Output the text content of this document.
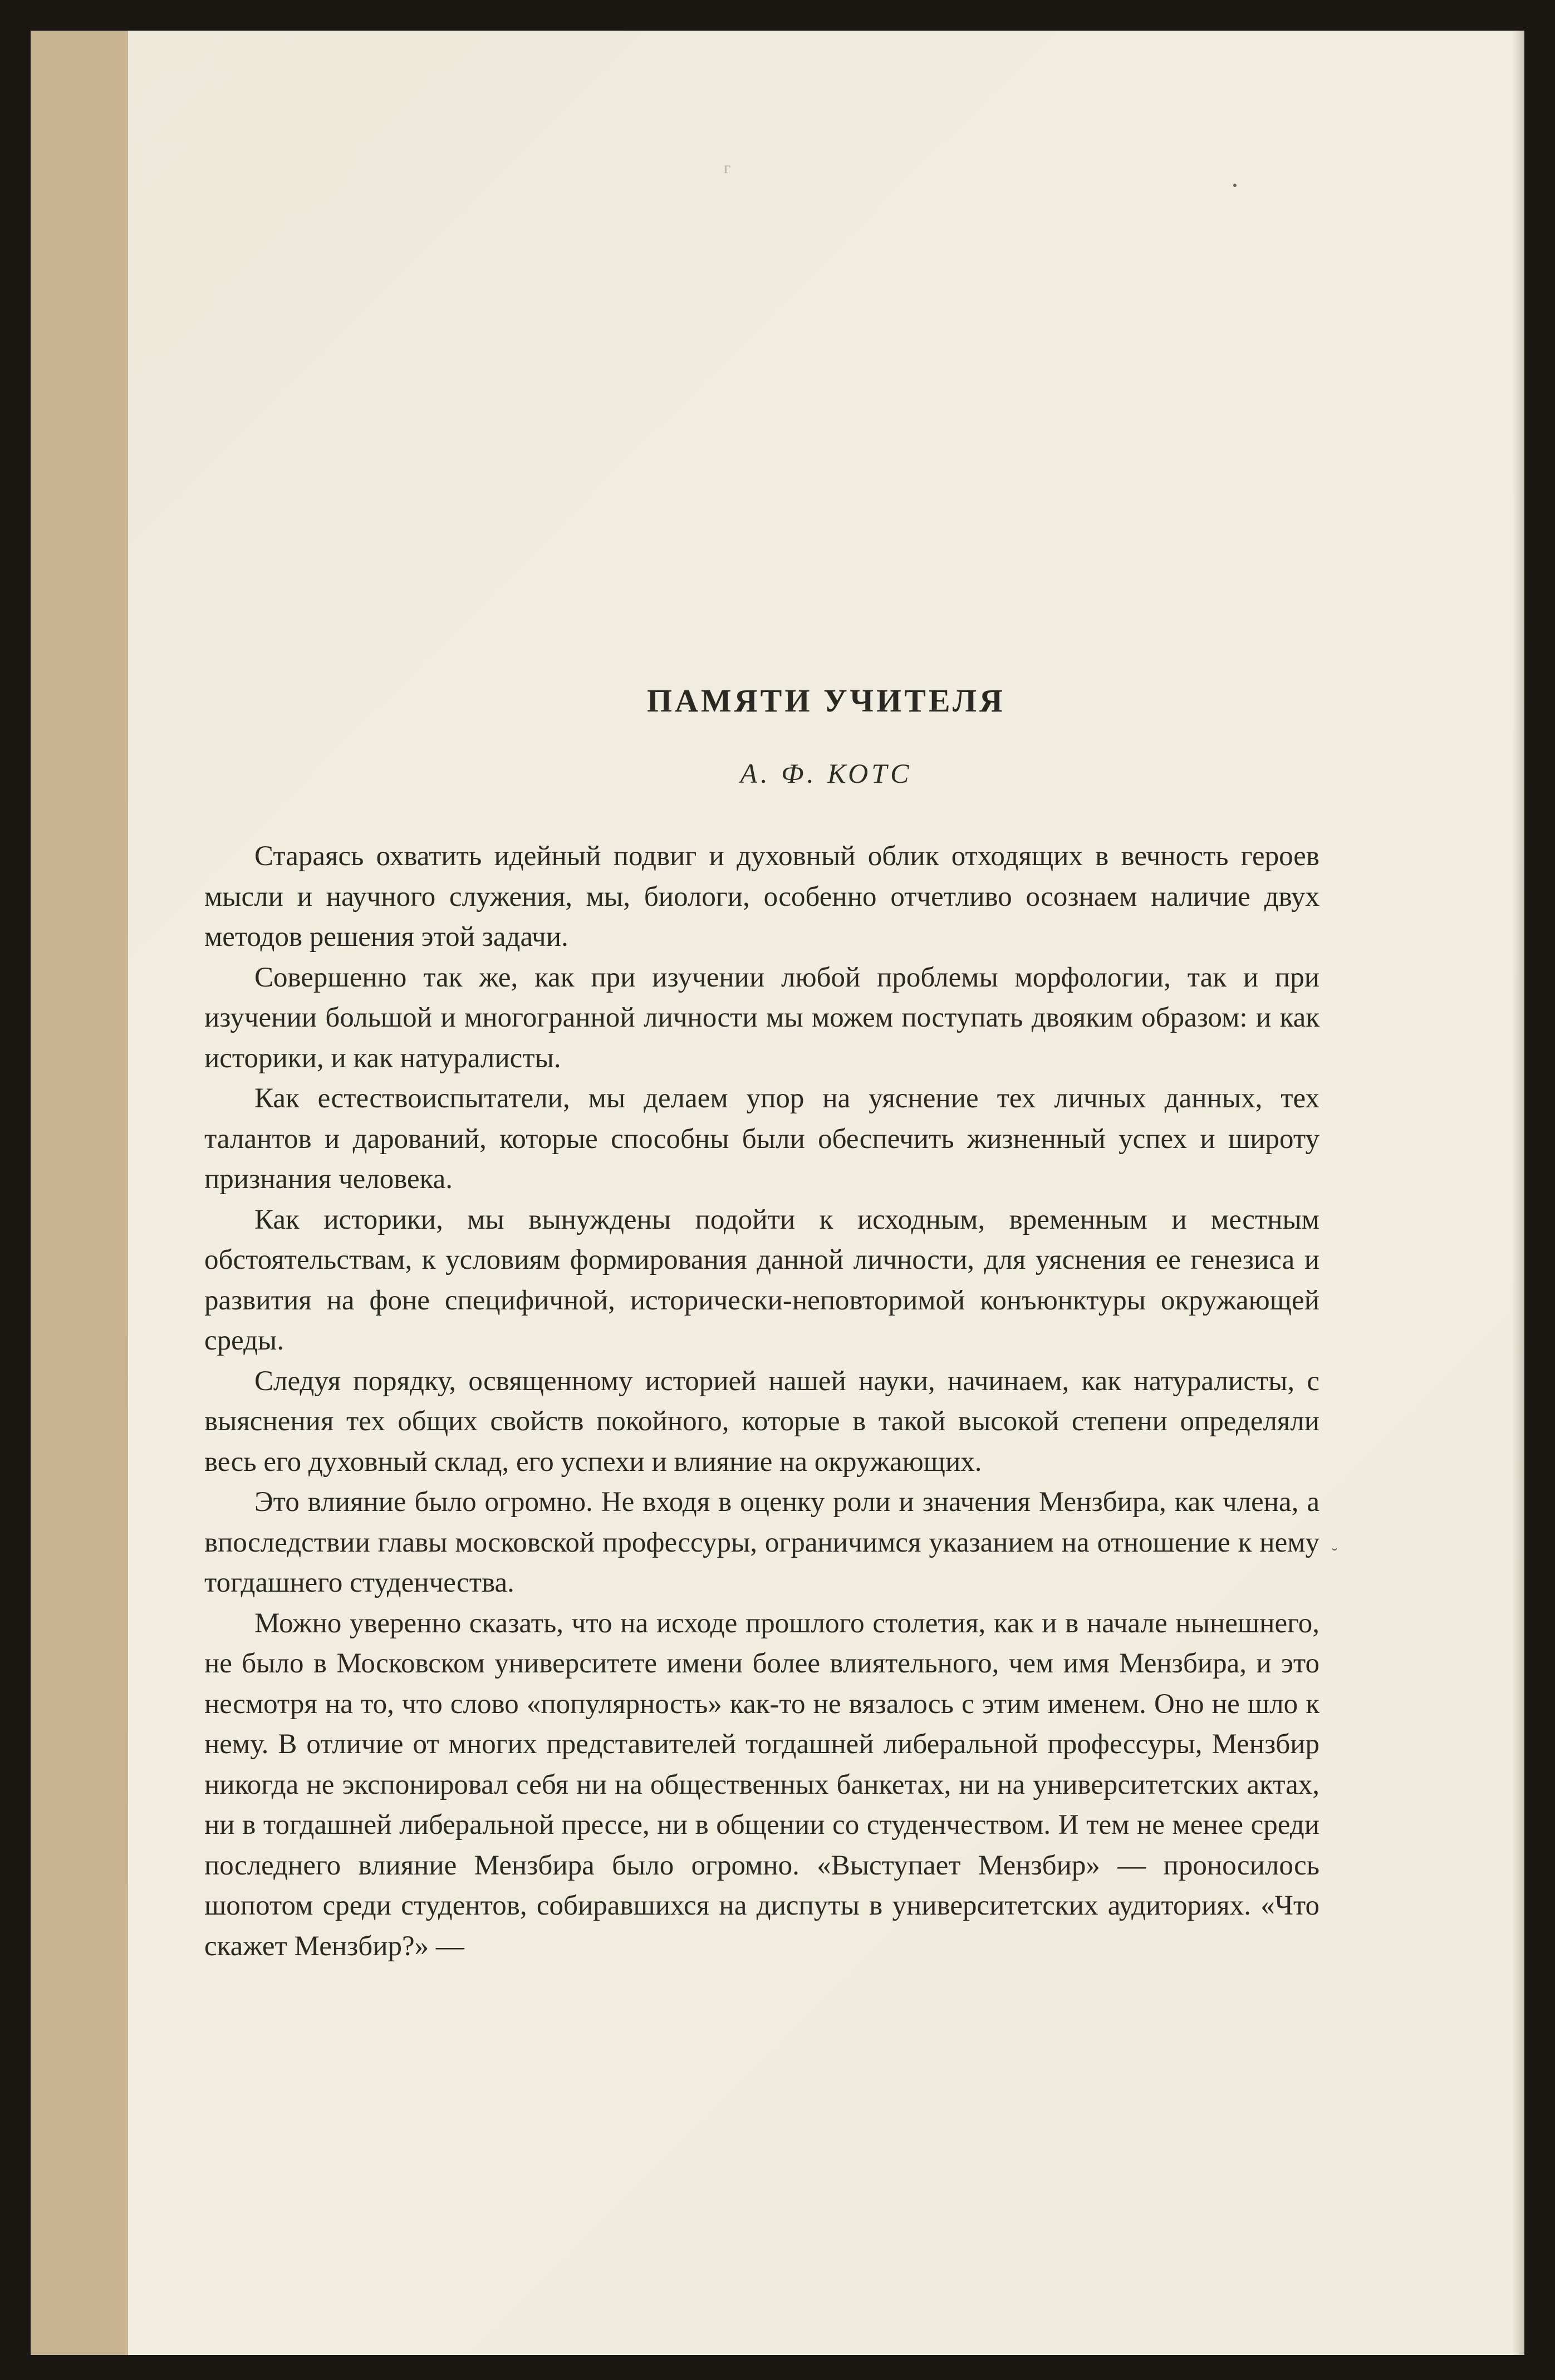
г
˘
ПАМЯТИ УЧИТЕЛЯ

А. Ф. КОТС

Стараясь охватить идейный подвиг и духовный облик отходящих в вечность героев мысли и научного служения, мы, биологи, особенно отчетливо осознаем наличие двух методов решения этой задачи.

Совершенно так же, как при изучении любой проблемы морфологии, так и при изучении большой и многогранной личности мы можем поступать двояким образом: и как историки, и как натуралисты.

Как естествоиспытатели, мы делаем упор на уяснение тех личных данных, тех талантов и дарований, которые способны были обеспечить жизненный успех и широту признания человека.

Как историки, мы вынуждены подойти к исходным, временным и местным обстоятельствам, к условиям формирования данной личности, для уяснения ее генезиса и развития на фоне специфичной, исторически-неповторимой конъюнктуры окружающей среды.

Следуя порядку, освященному историей нашей науки, начинаем, как натуралисты, с выяснения тех общих свойств покойного, которые в такой высокой степени определяли весь его духовный склад, его успехи и влияние на окружающих.

Это влияние было огромно. Не входя в оценку роли и значения Мензбира, как члена, а впоследствии главы московской профессуры, ограничимся указанием на отношение к нему тогдашнего студенчества.

Можно уверенно сказать, что на исходе прошлого столетия, как и в начале нынешнего, не было в Московском университете имени более влиятельного, чем имя Мензбира, и это несмотря на то, что слово «популярность» как-то не вязалось с этим именем. Оно не шло к нему. В отличие от многих представителей тогдашней либеральной профессуры, Мензбир никогда не экспонировал себя ни на общественных банкетах, ни на университетских актах, ни в тогдашней либеральной прессе, ни в общении со студенчеством. И тем не менее среди последнего влияние Мензбира было огромно. «Выступает Мензбир» — проносилось шопотом среди студентов, собиравшихся на диспуты в университетских аудиториях. «Что скажет Мензбир?» —
